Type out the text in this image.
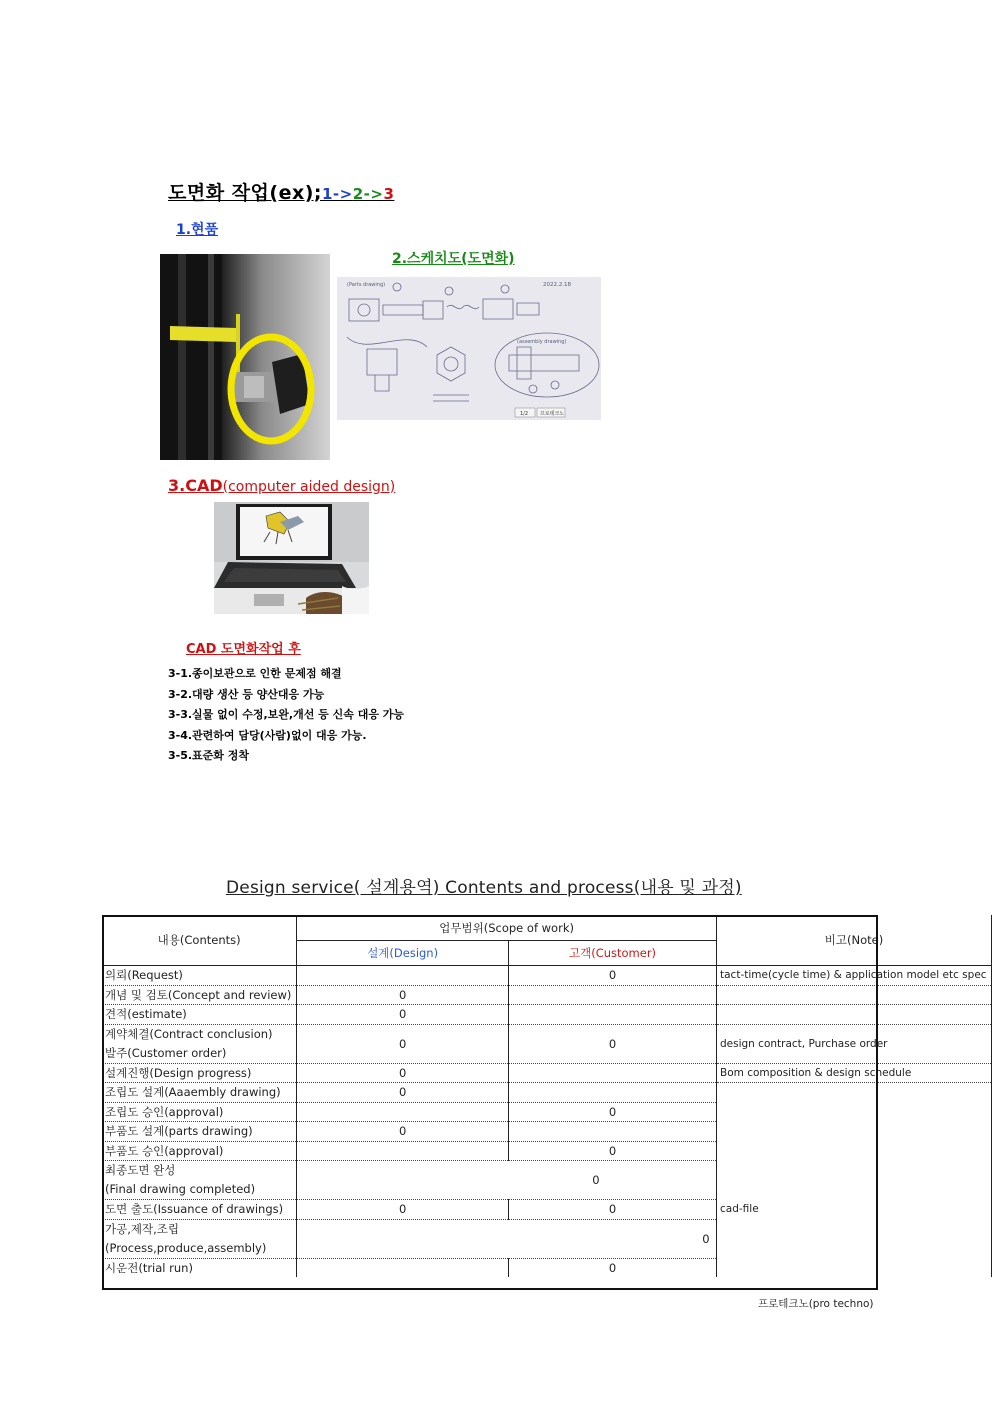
도면화 작업(ex);1->2->3
1.현품
2.스케치도(도면화)
(Parts drawing)	2022.2.18
(assembly drawing)
1/2 프로테크노
3.CAD(computer aided design)
CAD 도면화작업 후
3-1.종이보관으로 인한 문제점 해결
3-2.대량 생산 등 양산대응 가능
3-3.실물 없이 수정,보완,개선 등 신속 대응 가능
3-4.관련하여 담당(사람)없이 대응 가능.
3-5.표준화 정착
Design service( 설계용역) Contents and process(내용 및 과정)
내용(Contents)	업무범위(Scope of work)		비고(Note)
	설계(Design)	고객(Customer)	
의뢰(Request)		0	tact-time(cycle time) & application model etc spec
개념 및 검토(Concept and review)	0		
견적(estimate)	0		

계약체결(Contract conclusion)
발주(Customer order)	0	0	design contract, Purchase order
설계진행(Design progress)	0		Bom composition & design schedule
조립도 설계(Aaaembly drawing)	0		
조립도 승인(approval)		0	
부품도 설계(parts drawing)	0		
부품도 승인(approval)		0	

최종도면 완성
(Final drawing completed)	0		
도면 출도(Issuance of drawings)	0	0	cad-file

가공,제작,조립
(Process,produce,assembly)	0		
시운전(trial run)		0	
프로테크노(pro techno)
